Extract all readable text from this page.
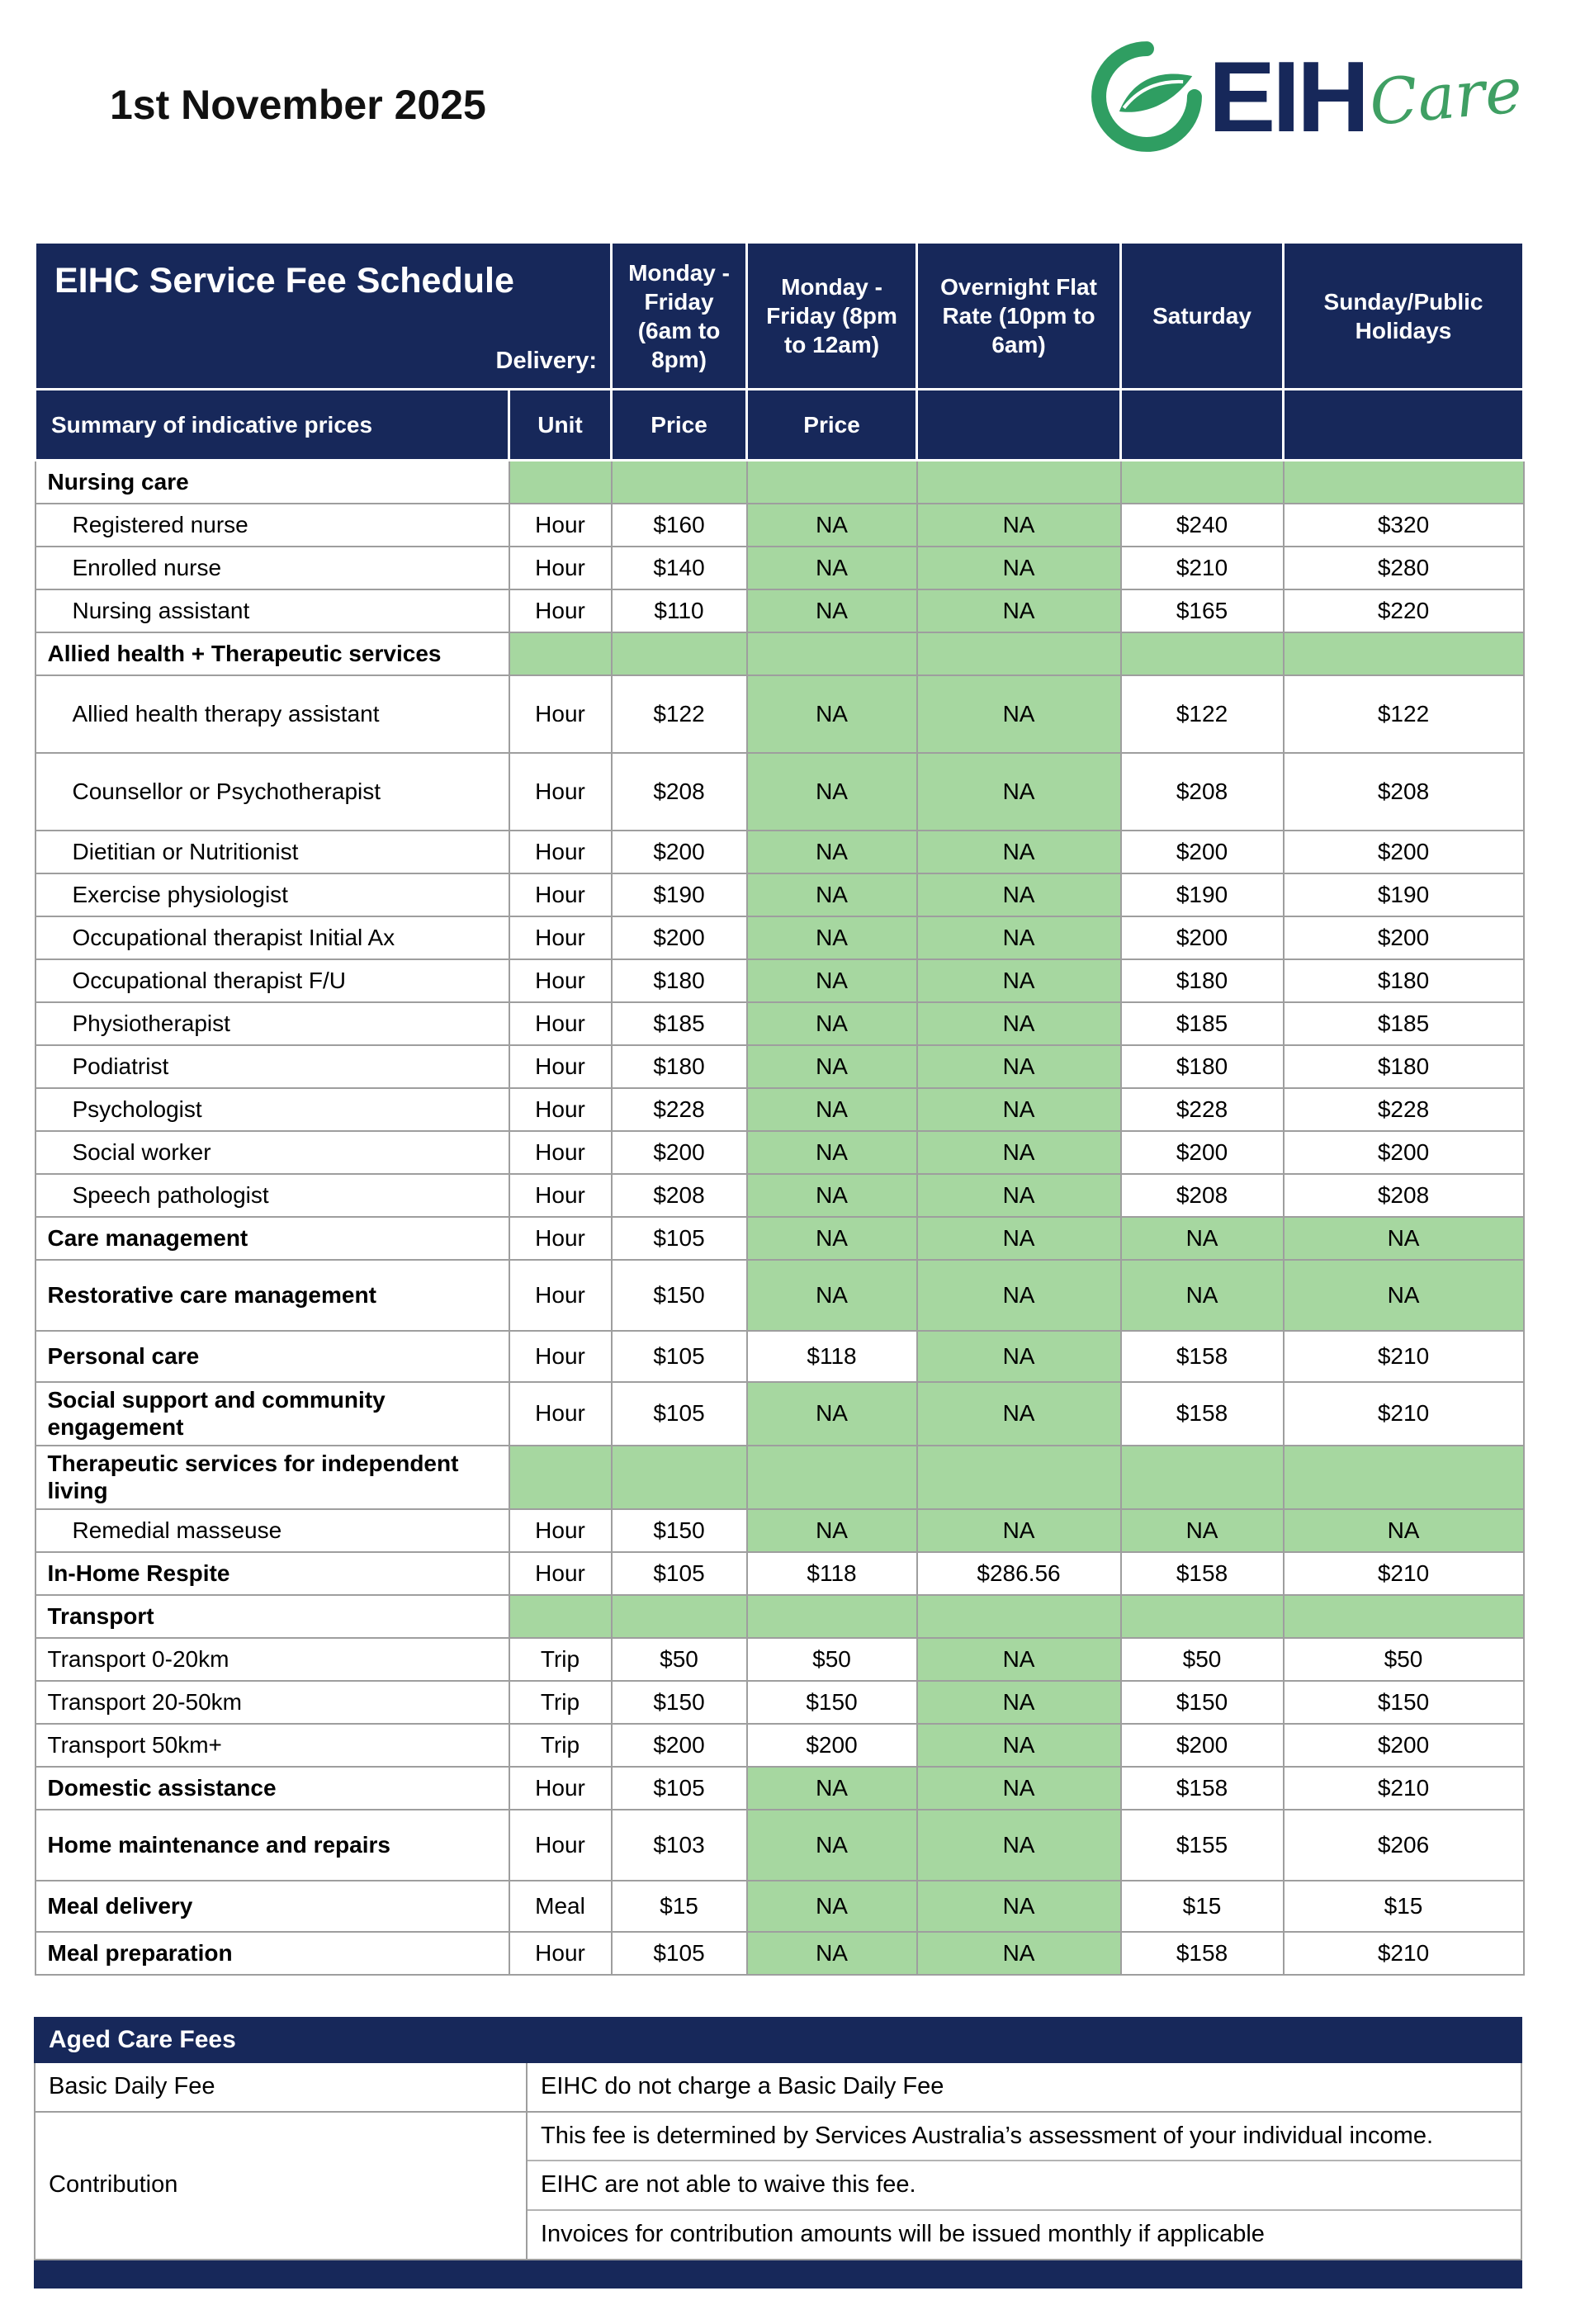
1st November 2025	EIH Care
EIHC Service Fee Schedule
Delivery:		Monday - Friday (6am to 8pm)	Monday - Friday (8pm to 12am)	Overnight Flat Rate (10pm to 6am)	Saturday	Sunday/Public Holidays
Summary of indicative prices	Unit	Price	Price			
Nursing care						
Registered nurse	Hour	$160	NA	NA	$240	$320
Enrolled nurse	Hour	$140	NA	NA	$210	$280
Nursing assistant	Hour	$110	NA	NA	$165	$220
Allied health + Therapeutic services						
Allied health therapy assistant	Hour	$122	NA	NA	$122	$122
Counsellor or Psychotherapist	Hour	$208	NA	NA	$208	$208
Dietitian or Nutritionist	Hour	$200	NA	NA	$200	$200
Exercise physiologist	Hour	$190	NA	NA	$190	$190
Occupational therapist Initial Ax	Hour	$200	NA	NA	$200	$200
Occupational therapist F/U	Hour	$180	NA	NA	$180	$180
Physiotherapist	Hour	$185	NA	NA	$185	$185
Podiatrist	Hour	$180	NA	NA	$180	$180
Psychologist	Hour	$228	NA	NA	$228	$228
Social worker	Hour	$200	NA	NA	$200	$200
Speech pathologist	Hour	$208	NA	NA	$208	$208
Care management	Hour	$105	NA	NA	NA	NA
Restorative care management	Hour	$150	NA	NA	NA	NA
Personal care	Hour	$105	$118	NA	$158	$210
Social support and community engagement	Hour	$105	NA	NA	$158	$210
Therapeutic services for independent living						
Remedial masseuse	Hour	$150	NA	NA	NA	NA
In-Home Respite	Hour	$105	$118	$286.56	$158	$210
Transport						
Transport 0-20km	Trip	$50	$50	NA	$50	$50
Transport 20-50km	Trip	$150	$150	NA	$150	$150
Transport 50km+	Trip	$200	$200	NA	$200	$200
Domestic assistance	Hour	$105	NA	NA	$158	$210
Home maintenance and repairs	Hour	$103	NA	NA	$155	$206
Meal delivery	Meal	$15	NA	NA	$15	$15
Meal preparation	Hour	$105	NA	NA	$158	$210
Aged Care Fees	
Basic Daily Fee	EIHC do not charge a Basic Daily Fee

Contribution	This fee is determined by Services Australia’s assessment of your individual income.
EIHC are not able to waive this fee.
Invoices for contribution amounts will be issued monthly if applicable
